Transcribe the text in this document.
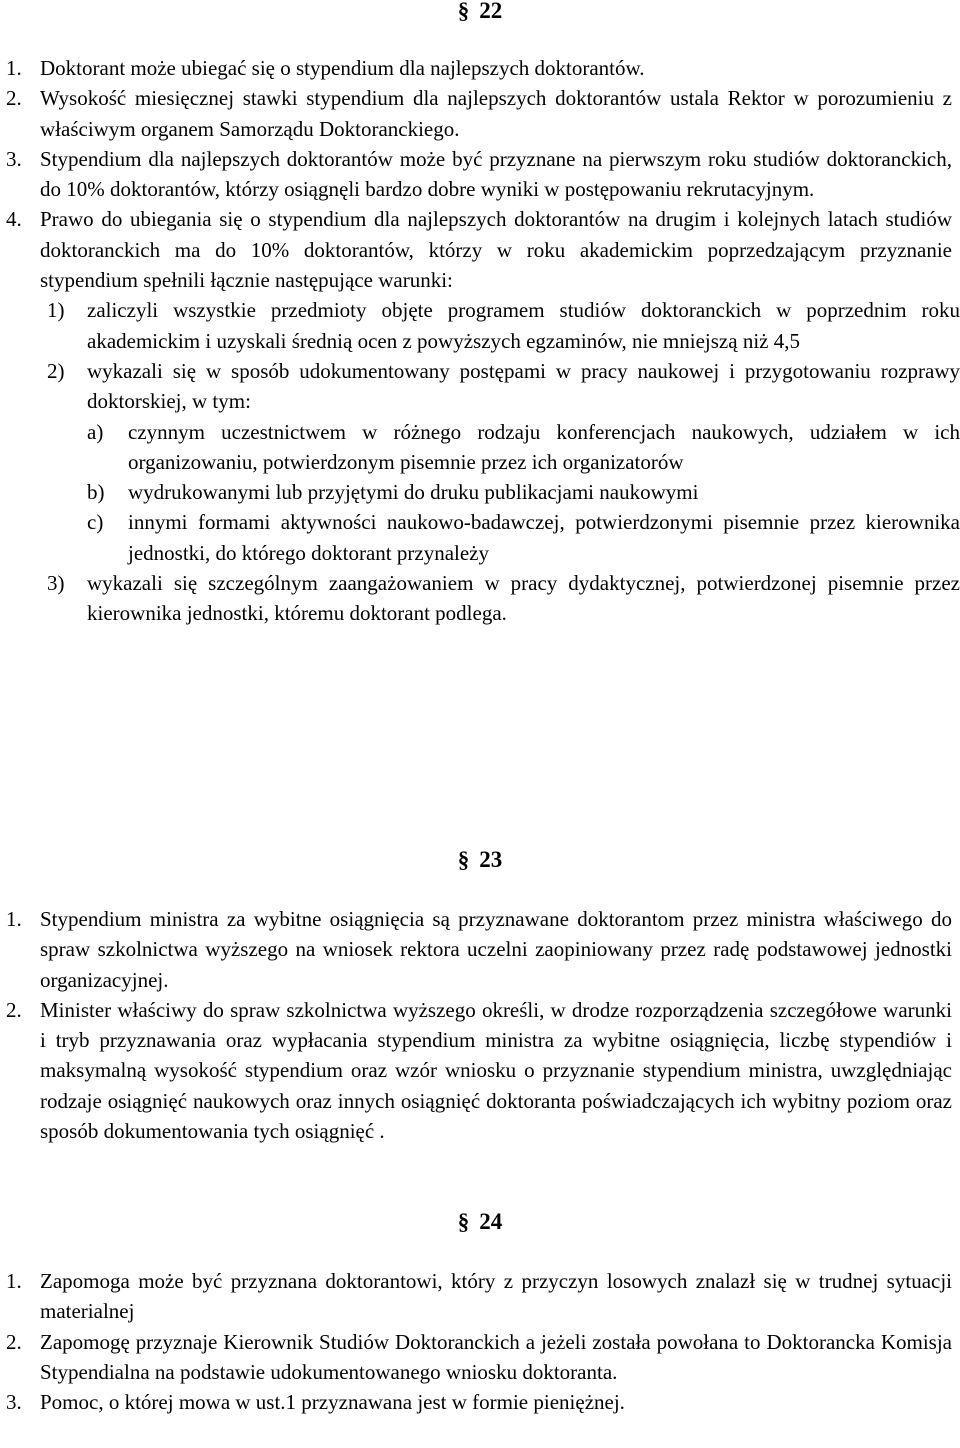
§ 22
1. Doktorant może ubiegać się o stypendium dla najlepszych doktorantów.
2. Wysokość miesięcznej stawki stypendium dla najlepszych doktorantów ustala Rektor w porozumieniu z właściwym organem Samorządu Doktoranckiego.
3. Stypendium dla najlepszych doktorantów może być przyznane na pierwszym roku studiów doktoranckich, do 10% doktorantów, którzy osiągnęli bardzo dobre wyniki w postępowaniu rekrutacyjnym.
4. Prawo do ubiegania się o stypendium dla najlepszych doktorantów na drugim i kolejnych latach studiów doktoranckich ma do 10% doktorantów, którzy w roku akademickim poprzedzającym przyznanie stypendium spełnili łącznie następujące warunki:
1) zaliczyli wszystkie przedmioty objęte programem studiów doktoranckich w poprzednim roku akademickim i uzyskali średnią ocen z powyższych egzaminów, nie mniejszą niż 4,5
2) wykazali się w sposób udokumentowany postępami w pracy naukowej i przygotowaniu rozprawy doktorskiej, w tym:
a) czynnym uczestnictwem w różnego rodzaju konferencjach naukowych, udziałem w ich organizowaniu, potwierdzonym pisemnie przez ich organizatorów
b) wydrukowanymi lub przyjętymi do druku publikacjami naukowymi
c) innymi formami aktywności naukowo-badawczej, potwierdzonymi pisemnie przez kierownika jednostki, do którego doktorant przynależy
3) wykazali się szczególnym zaangażowaniem w pracy dydaktycznej, potwierdzonej pisemnie przez kierownika jednostki, któremu doktorant podlega.
§ 23
1. Stypendium ministra za wybitne osiągnięcia są przyznawane doktorantom przez ministra właściwego do spraw szkolnictwa wyższego na wniosek rektora uczelni zaopiniowany przez radę podstawowej jednostki organizacyjnej.
2. Minister właściwy do spraw szkolnictwa wyższego określi, w drodze rozporządzenia szczegółowe warunki i tryb przyznawania oraz wypłacania stypendium ministra za wybitne osiągnięcia, liczbę stypendiów i maksymalną wysokość stypendium oraz wzór wniosku o przyznanie stypendium ministra, uwzględniając rodzaje osiągnięć naukowych oraz innych osiągnięć doktoranta poświadczających ich wybitny poziom oraz sposób dokumentowania tych osiągnięć .
§ 24
1. Zapomoga może być przyznana doktorantowi, który z przyczyn losowych znalazł się w trudnej sytuacji materialnej
2. Zapomogę przyznaje Kierownik Studiów Doktoranckich a jeżeli została powołana to Doktorancka Komisja Stypendialna na podstawie udokumentowanego wniosku doktoranta.
3. Pomoc, o której mowa w ust.1 przyznawana jest w formie pieniężnej.
